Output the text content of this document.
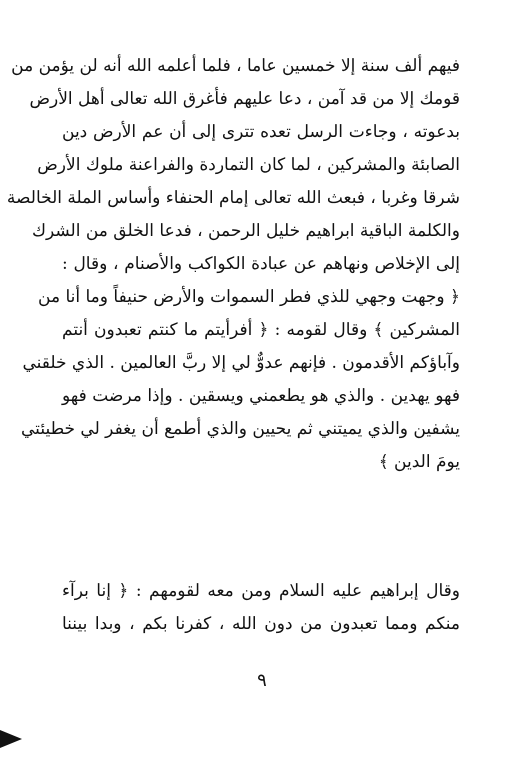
فيهم ألف سنة إلا خمسين عاما ، فلما أعلمه الله أنه لن يؤمن من
قومك إلا من قد آمن ، دعا عليهم فأغرق الله تعالى أهل الأرض
بدعوته ، وجاءت الرسل تعده تترى إلى أن عم الأرض دين
الصابئة والمشركين ، لما كان التماردة والفراعنة ملوك الأرض
شرقا وغربا ، فبعث الله تعالى إمام الحنفاء وأساس الملة الخالصة
والكلمة الباقية ابراهيم خليل الرحمن ، فدعا الخلق من الشرك
إلى الإخلاص ونهاهم عن عبادة الكواكب والأصنام ، وقال :
﴿ وجهت وجهي للذي فطر السموات والأرض حنيفاً وما أنا من
المشركين ﴾ وقال لقومه : ﴿ أفرأيتم ما كنتم تعبدون أنتم
وآباؤكم الأقدمون . فإنهم عدوٌّ لي إلا ربَّ العالمين . الذي خلقني
فهو يهدين . والذي هو يطعمني ويسقين . وإذا مرضت فهو
يشفين والذي يميتني ثم يحيين والذي أطمع أن يغفر لي خطيئتي
يومَ الدين ﴾
وقال إبراهيم عليه السلام ومن معه لقومهم : ﴿ إنا برآء
منكم ومما تعبدون من دون الله ، كفرنا بكم ، وبدا بيننا
٩
